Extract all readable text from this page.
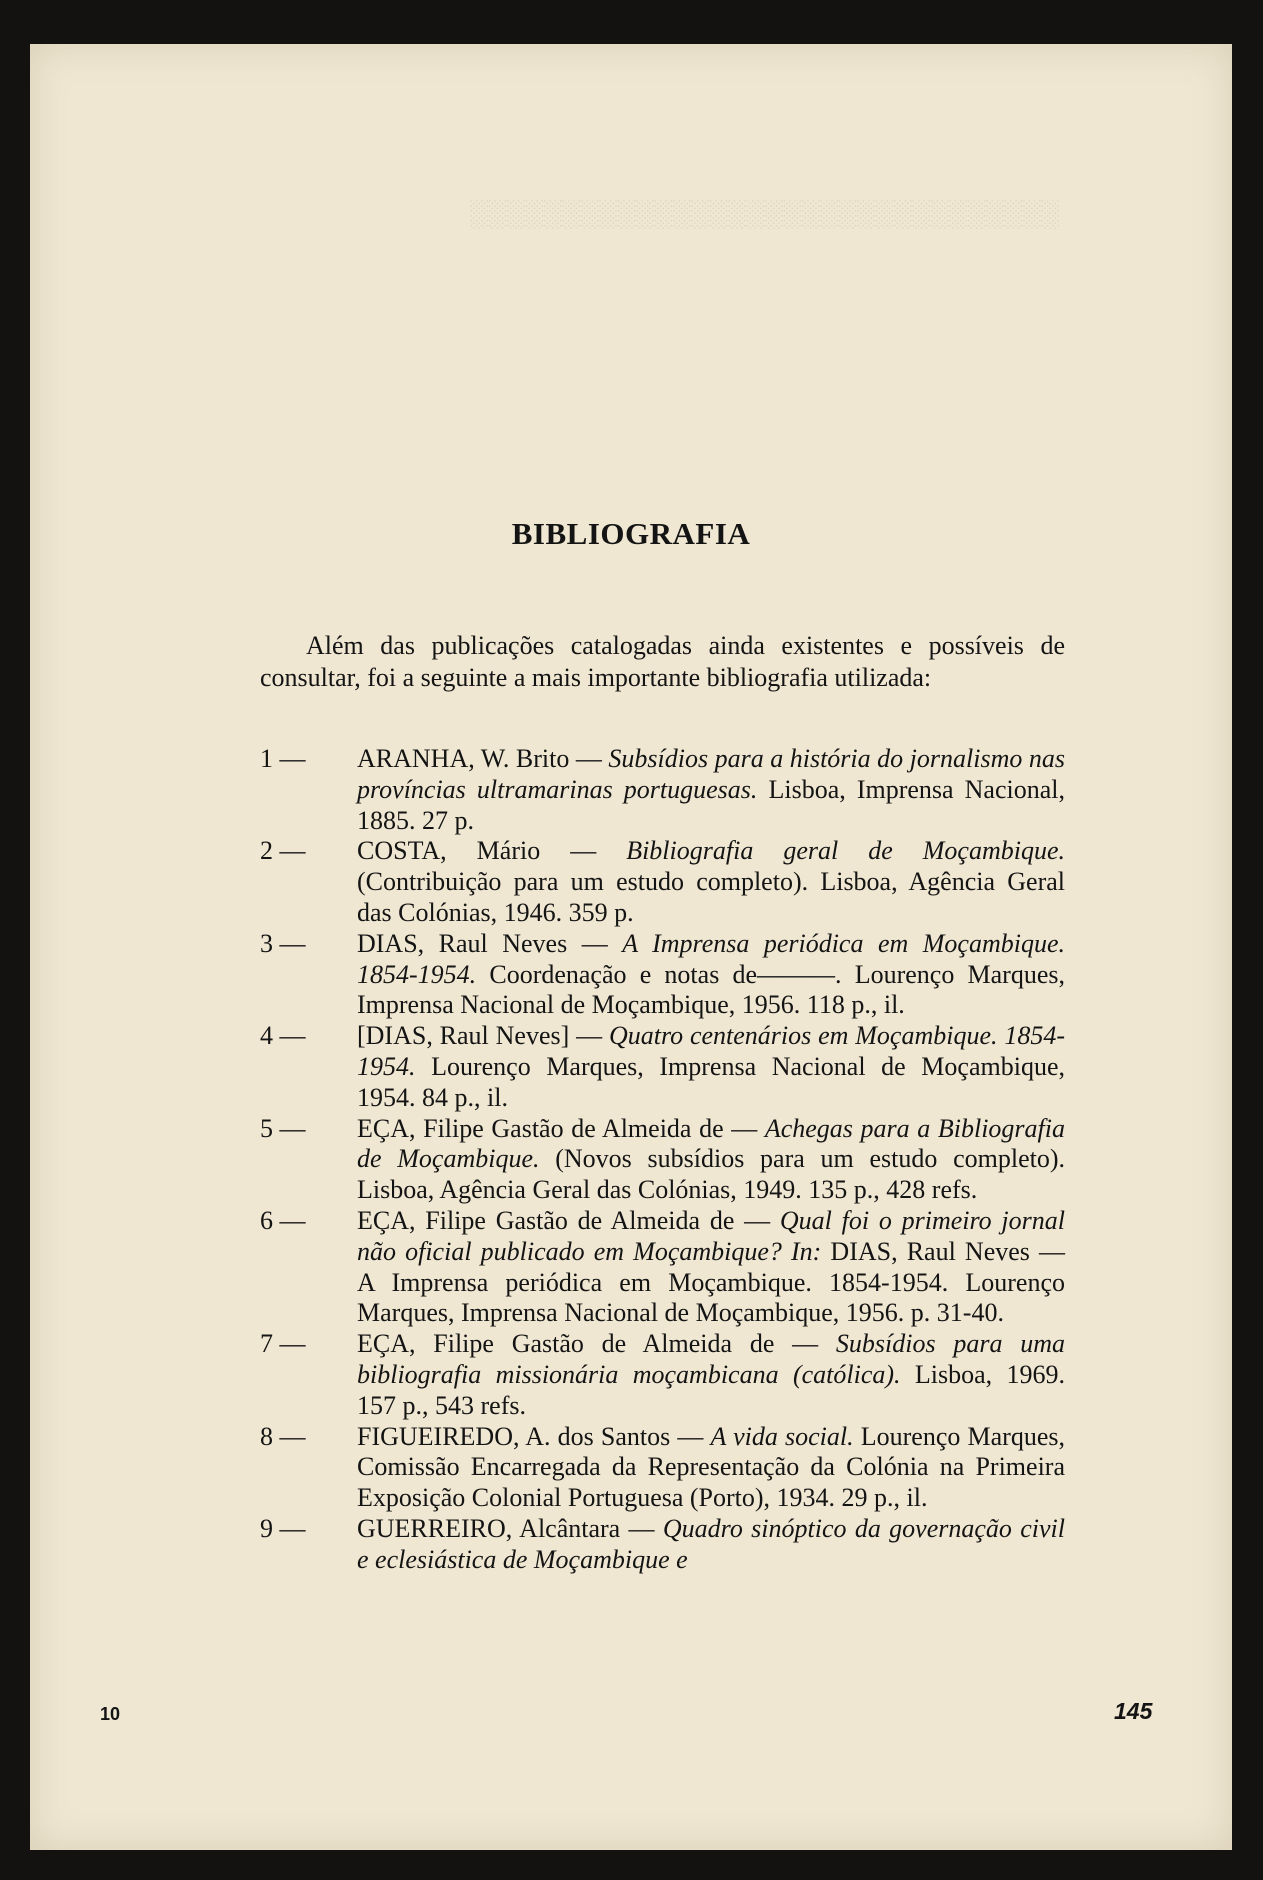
░░░░░░░░░░░░░░░░░░░░░░░░░░░░░░░░

BIBLIOGRAFIA

Além das publicações catalogadas ainda existentes e possíveis de consultar, foi a seguinte a mais importante bibliografia utilizada:

1 — ARANHA, W. Brito — Subsídios para a história do jornalismo nas províncias ultramarinas portuguesas. Lisboa, Imprensa Nacional, 1885. 27 p.
2 — COSTA, Mário — Bibliografia geral de Moçambique. (Contribuição para um estudo completo). Lisboa, Agência Geral das Colónias, 1946. 359 p.
3 — DIAS, Raul Neves — A Imprensa periódica em Moçambique. 1854-1954. Coordenação e notas de———. Lourenço Marques, Imprensa Nacional de Moçambique, 1956. 118 p., il.
4 — [DIAS, Raul Neves] — Quatro centenários em Moçambique. 1854-1954. Lourenço Marques, Imprensa Nacional de Moçambique, 1954. 84 p., il.
5 — EÇA, Filipe Gastão de Almeida de — Achegas para a Bibliografia de Moçambique. (Novos subsídios para um estudo completo). Lisboa, Agência Geral das Colónias, 1949. 135 p., 428 refs.
6 — EÇA, Filipe Gastão de Almeida de — Qual foi o primeiro jornal não oficial publicado em Moçambique? In: DIAS, Raul Neves — A Imprensa periódica em Moçambique. 1854-1954. Lourenço Marques, Imprensa Nacional de Moçambique, 1956. p. 31-40.
7 — EÇA, Filipe Gastão de Almeida de — Subsídios para uma bibliografia missionária moçambicana (católica). Lisboa, 1969. 157 p., 543 refs.
8 — FIGUEIREDO, A. dos Santos — A vida social. Lourenço Marques, Comissão Encarregada da Representação da Colónia na Primeira Exposição Colonial Portuguesa (Porto), 1934. 29 p., il.
9 — GUERREIRO, Alcântara — Quadro sinóptico da governação civil e eclesiástica de Moçambique e
10	145
